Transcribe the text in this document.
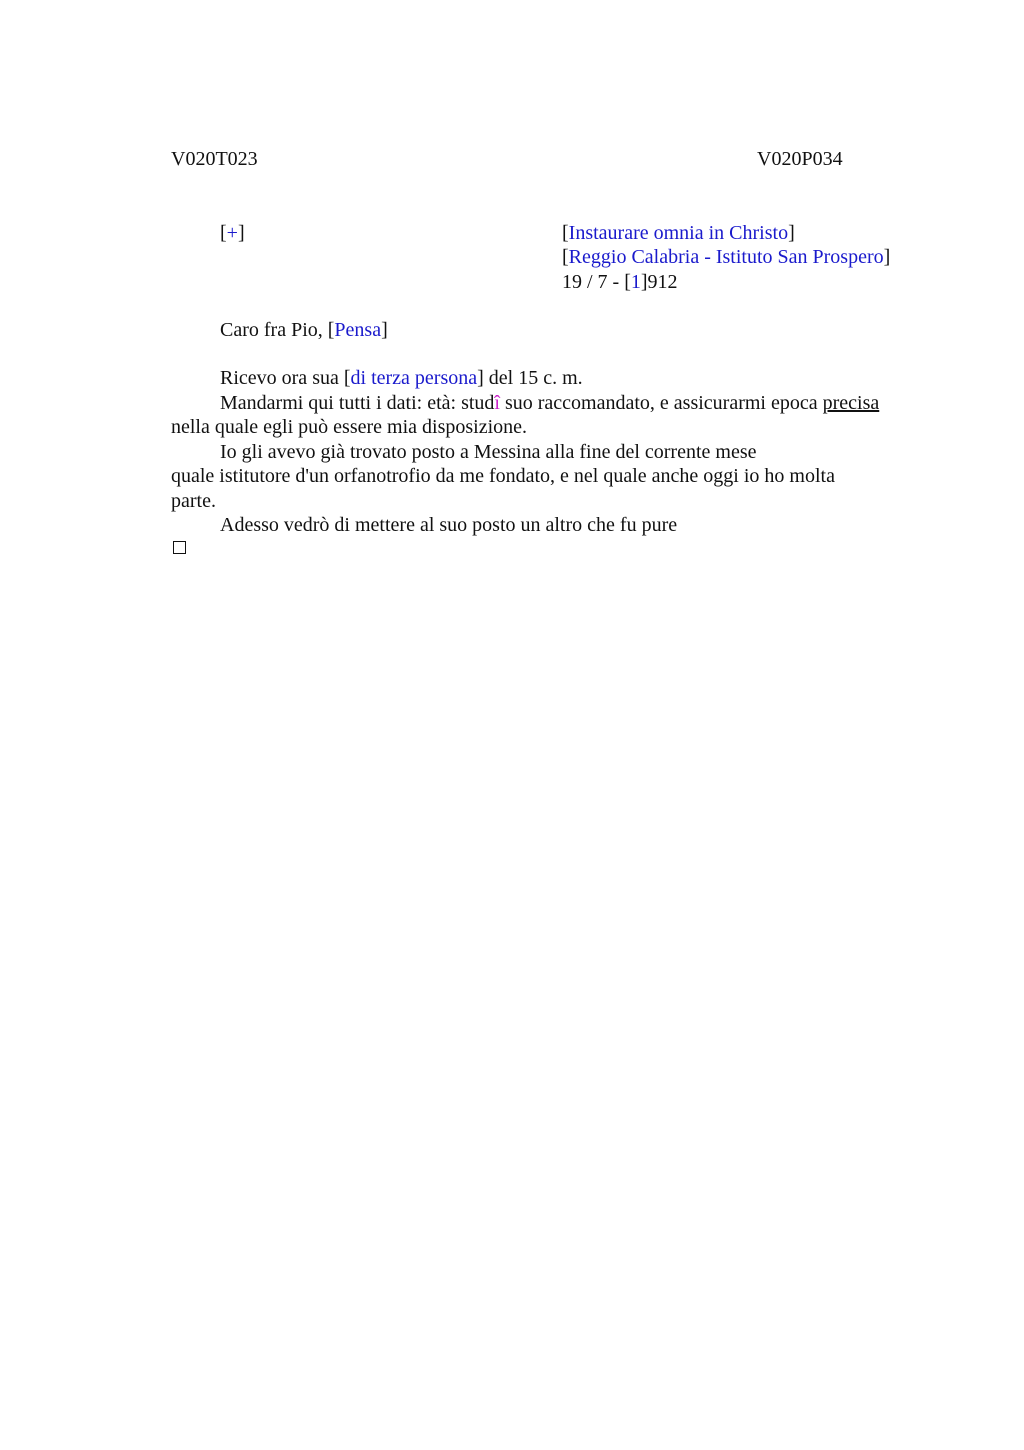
V020T023	V020P034
[+]	[Instaurare omnia in Christo]
[Reggio Calabria - Istituto San Prospero]
19 / 7 - [1]912
Caro fra Pio, [Pensa]

Ricevo ora sua [di terza persona] del 15 c. m.

Mandarmi qui tutti i dati: età: studî suo raccomandato, e assicurarmi epoca precisa

nella quale egli può essere mia disposizione.

Io gli avevo già trovato posto a Messina alla fine del corrente mese

quale istitutore d'un orfanotrofio da me fondato, e nel quale anche oggi io ho molta

parte.

Adesso vedrò di mettere al suo posto un altro che fu pure
